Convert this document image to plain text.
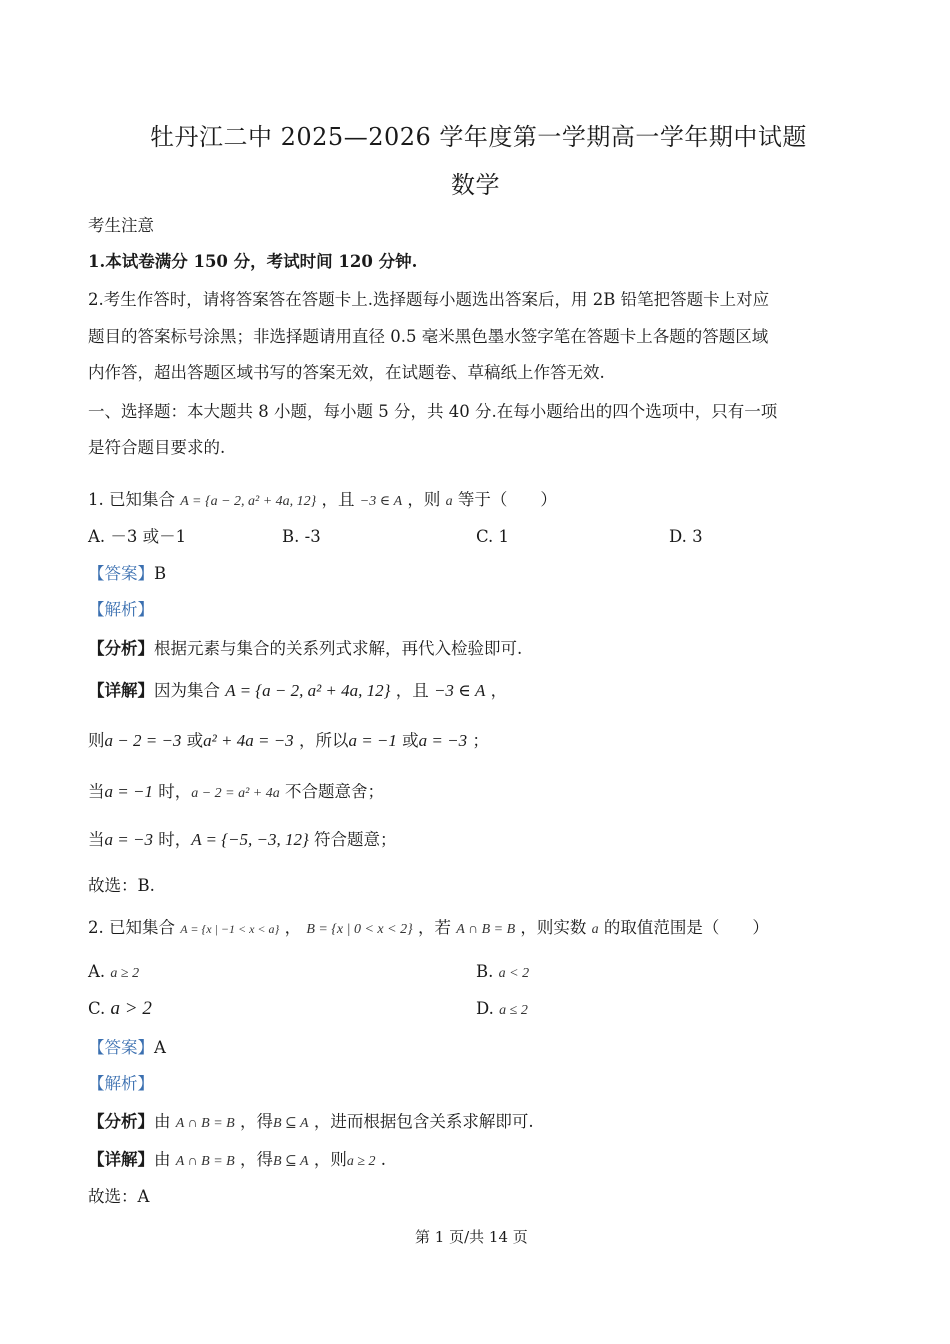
牡丹江二中 2025—2026 学年度第一学期高一学年期中试题
数学
考生注意
1.本试卷满分 150 分，考试时间 120 分钟.
2.考生作答时，请将答案答在答题卡上.选择题每小题选出答案后，用 2B 铅笔把答题卡上对应
题目的答案标号涂黑；非选择题请用直径 0.5 毫米黑色墨水签字笔在答题卡上各题的答题区域
内作答，超出答题区域书写的答案无效，在试题卷、草稿纸上作答无效.
一、选择题：本大题共 8 小题，每小题 5 分，共 40 分.在每小题给出的四个选项中，只有一项
是符合题目要求的.
1. 已知集合 A = {a − 2, a² + 4a, 12} ，且 −3 ∈ A ，则 a 等于（　　）
A. －3 或－1	B. -3	C. 1	D. 3
【答案】B
【解析】
【分析】根据元素与集合的关系列式求解，再代入检验即可.
【详解】因为集合 A = {a − 2, a² + 4a, 12} ，且 −3 ∈ A ，
则a − 2 = −3 或a² + 4a = −3 ，所以a = −1 或a = −3 ；
当a = −1 时，a − 2 = a² + 4a 不合题意舍；
当a = −3 时，A = {−5, −3, 12} 符合题意；
故选：B.
2. 已知集合 A = {x | −1 < x < a} ， B = {x | 0 < x < 2} ，若 A ∩ B = B ，则实数 a 的取值范围是（　　）
A. a ≥ 2	B. a < 2
C. a > 2	D. a ≤ 2
【答案】A
【解析】
【分析】由 A ∩ B = B ，得B ⊆ A ，进而根据包含关系求解即可.
【详解】由 A ∩ B = B ，得B ⊆ A ，则a ≥ 2 .
故选：A
第 1 页/共 14 页
